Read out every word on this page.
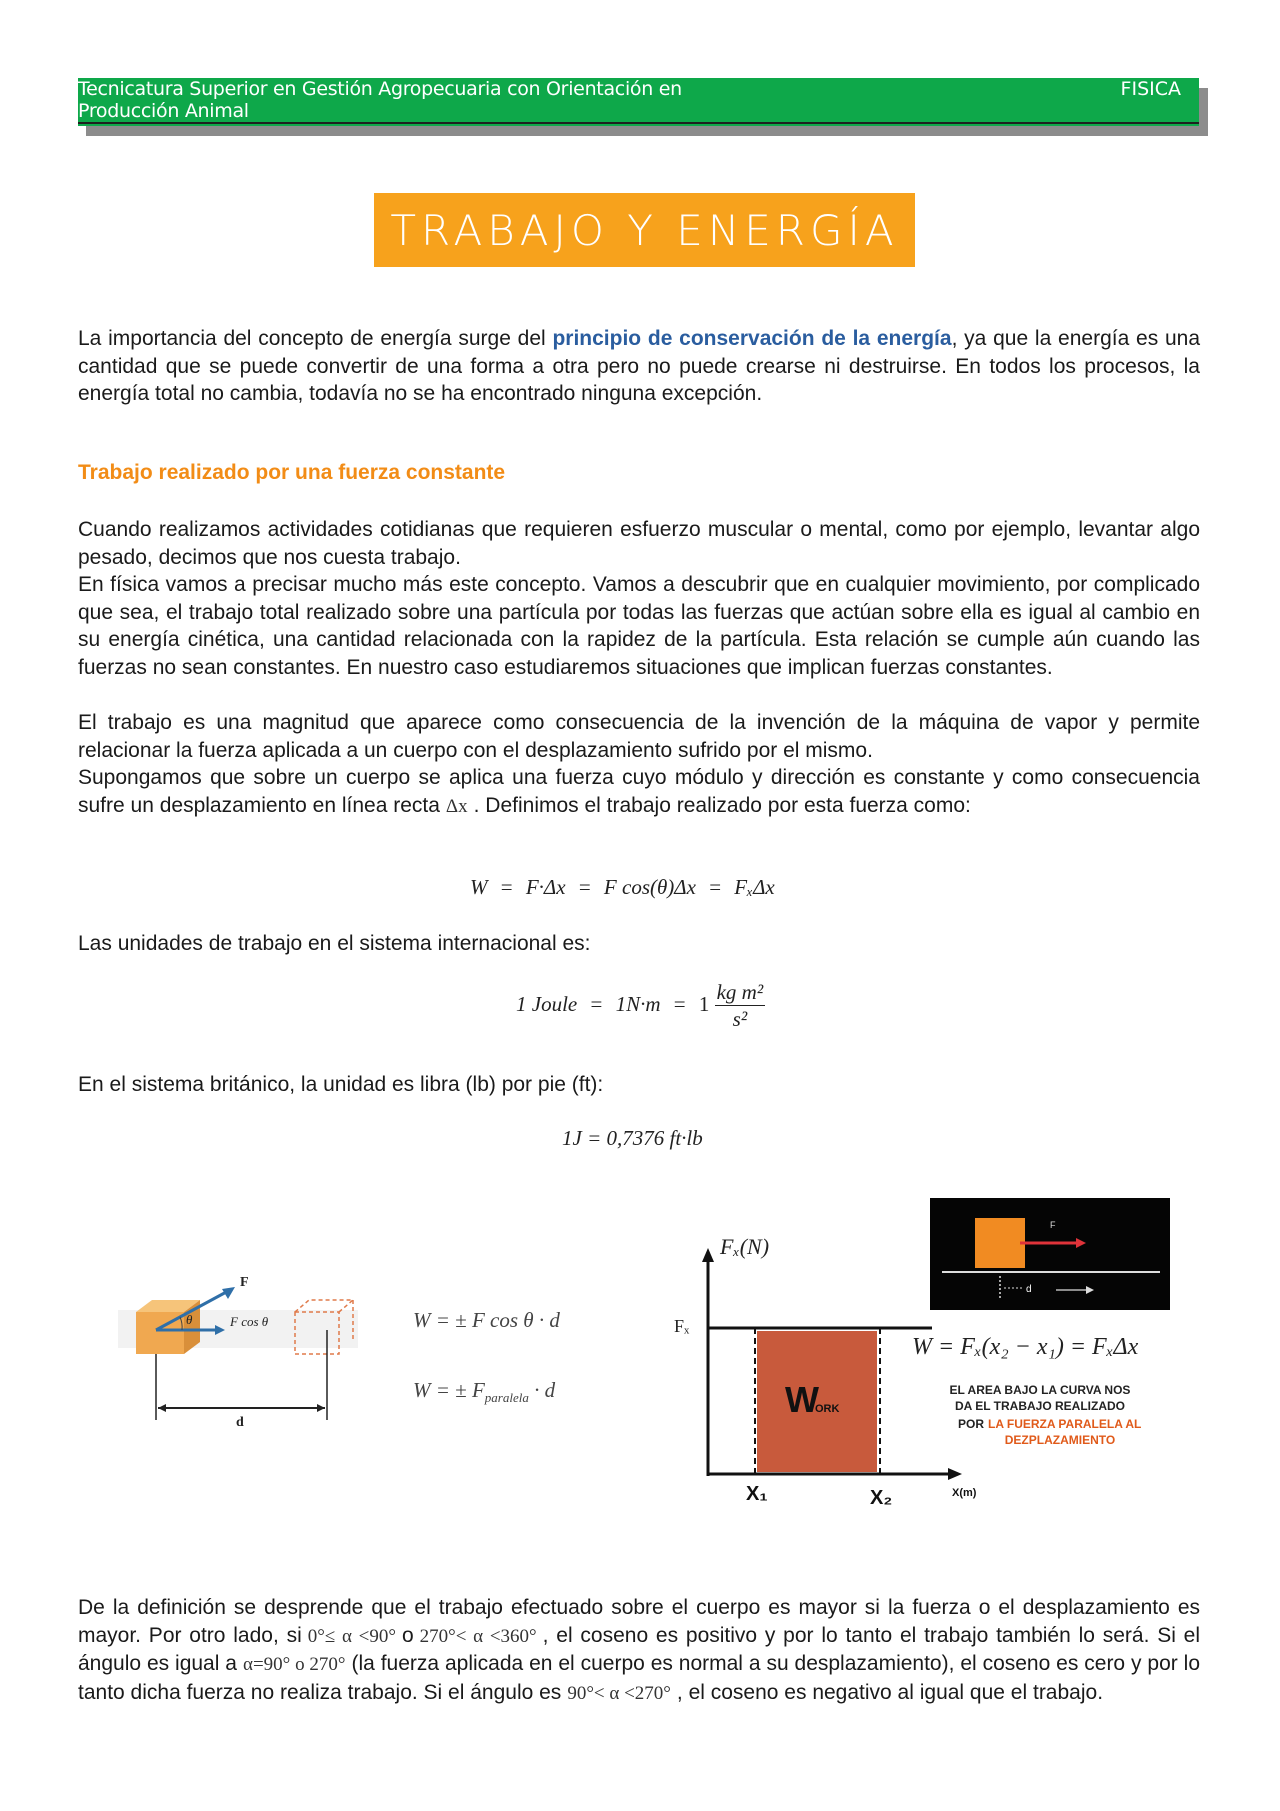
Tecnicatura Superior en Gestión Agropecuaria con Orientación en Producción Animal
FISICA
TRABAJO Y ENERGÍA

La importancia del concepto de energía surge del principio de conservación de la energía, ya que la energía es una cantidad que se puede convertir de una forma a otra pero no puede crearse ni destruirse. En todos los procesos, la energía total no cambia, todavía no se ha encontrado ninguna excepción.

Trabajo realizado por una fuerza constante

Cuando realizamos actividades cotidianas que requieren esfuerzo muscular o mental, como por ejemplo, levantar algo pesado, decimos que nos cuesta trabajo.

En física vamos a precisar mucho más este concepto. Vamos a descubrir que en cualquier movimiento, por complicado que sea, el trabajo total realizado sobre una partícula por todas las fuerzas que actúan sobre ella es igual al cambio en su energía cinética, una cantidad relacionada con la rapidez de la partícula. Esta relación se cumple aún cuando las fuerzas no sean constantes. En nuestro caso estudiaremos situaciones que implican fuerzas constantes.

El trabajo es una magnitud que aparece como consecuencia de la invención de la máquina de vapor y permite relacionar la fuerza aplicada a un cuerpo con el desplazamiento sufrido por el mismo.

Supongamos que sobre un cuerpo se aplica una fuerza cuyo módulo y dirección es constante y como consecuencia sufre un desplazamiento en línea recta Δx . Definimos el trabajo realizado por esta fuerza como:

W = F·Δx = F cos(θ)Δx = FₓΔx

Las unidades de trabajo en el sistema internacional es:

1 Joule = $1N\cdot m = 1 \frac{\text{kg m²}}{\text{s²}}$

En el sistema británico, la unidad es libra (lb) por pie (ft):

1J = 0,7376 ft·lb
F
θ	F cos θ
d
W = ± F cos θ · d
W = ± $F_{paralela} \cdot d$	W
ORK
Fₓ(N)
Fₓ
X₁	X₂	X(m)
F
d
W = Fₓ(x₂ − x₁) = FₓΔx
EL AREA BAJO LA CURVA NOS
DA EL TRABAJO REALIZADO
POR LA FUERZA PARALELA AL
DEZPLAZAMIENTO

De la definición se desprende que el trabajo efectuado sobre el cuerpo es mayor si la fuerza o el desplazamiento es mayor. Por otro lado, si 0°≤ α <90° o 270°< α <360° , el coseno es positivo y por lo tanto el trabajo también lo será. Si el ángulo es igual a α=90° o 270° (la fuerza aplicada en el cuerpo es normal a su desplazamiento), el coseno es cero y por lo tanto dicha fuerza no realiza trabajo. Si el ángulo es 90°< α <270° , el coseno es negativo al igual que el trabajo.
